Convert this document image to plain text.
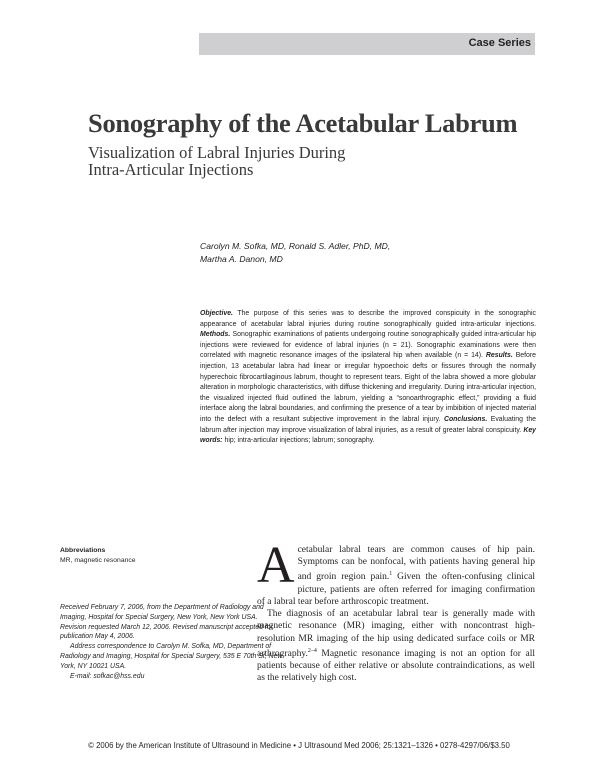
Case Series
Sonography of the Acetabular Labrum
Visualization of Labral Injuries During
Intra-Articular Injections
Carolyn M. Sofka, MD, Ronald S. Adler, PhD, MD,
Martha A. Danon, MD

Objective. The purpose of this series was to describe the improved conspicuity in the sonographic appearance of acetabular labral injuries during routine sonographically guided intra-articular injections. Methods. Sonographic examinations of patients undergoing routine sonographically guided intra-articular hip injections were reviewed for evidence of labral injuries (n = 21). Sonographic examinations were then correlated with magnetic resonance images of the ipsilateral hip when available (n = 14). Results. Before injection, 13 acetabular labra had linear or irregular hypoechoic defts or fissures through the normally hyperechoic fibrocartilaginous labrum, thought to represent tears. Eight of the labra showed a more globular alteration in morphologic characteristics, with diffuse thickening and irregularity. During intra-articular injection, the visualized injected fluid outlined the labrum, yielding a “sonoarthrographic effect,” providing a fluid interface along the labral boundaries, and confirming the presence of a tear by imbibition of injected material into the defect with a resultant subjective improvement in the labral injury. Conclusions. Evaluating the labrum after injection may improve visualization of labral injuries, as a result of greater labral conspicuity. Key words: hip; intra-articular injections; labrum; sonography.

Abbreviations
MR, magnetic resonance

Received February 7, 2006, from the Department of Radiology and Imaging, Hospital for Special Surgery, New York, New York USA. Revision requested March 12, 2006. Revised manuscript accepted for publication May 4, 2006.
Address correspondence to Carolyn M. Sofka, MD, Department of Radiology and Imaging, Hospital for Special Surgery, 535 E 70th St, New York, NY 10021 USA.
E-mail: sofkac@hss.edu

Acetabular labral tears are common causes of hip pain. Symptoms can be nonfocal, with patients having general hip and groin region pain.$^1$ Given the often-confusing clinical picture, patients are often referred for imaging confirmation of a labral tear before arthroscopic treatment.

The diagnosis of an acetabular labral tear is generally made with magnetic resonance (MR) imaging, either with noncontrast high-resolution MR imaging of the hip using dedicated surface coils or MR arthrography.$^{2-4}$ Magnetic resonance imaging is not an option for all patients because of either relative or absolute contraindications, as well as the relatively high cost.

© 2006 by the American Institute of Ultrasound in Medicine • J Ultrasound Med 2006; 25:1321–1326 • 0278-4297/06/$3.50
